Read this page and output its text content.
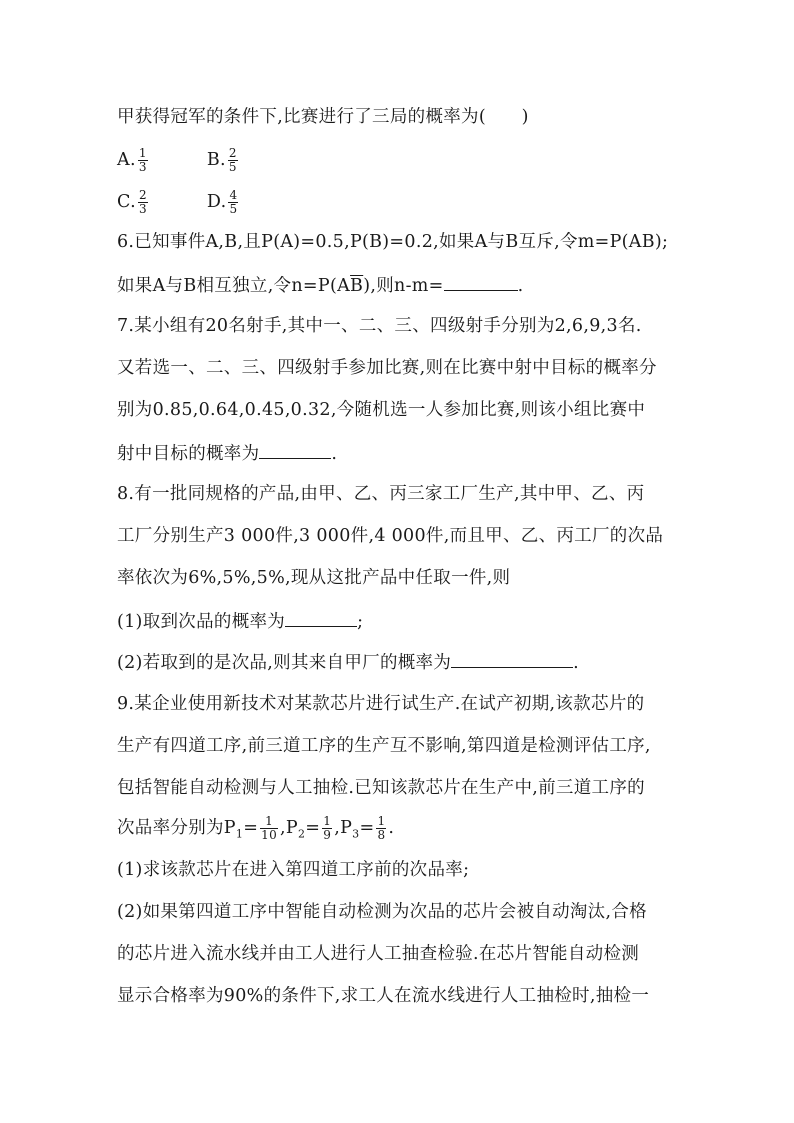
甲获得冠军的条件下,比赛进行了三局的概率为(　　)
A. $\frac{1}{3}$	B. $\frac{2}{5}$
C. $\frac{2}{3}$	D. $\frac{4}{5}$
6.已知事件A,B,且P(A)=0.5,P(B)=0.2,如果A与B互斥,令m=P(AB);
如果A与B相互独立,令$n=P(A\overline{B})$,则n-m=	.
7.某小组有20名射手,其中一、二、三、四级射手分别为2,6,9,3名.
又若选一、二、三、四级射手参加比赛,则在比赛中射中目标的概率分
别为0.85,0.64,0.45,0.32,今随机选一人参加比赛,则该小组比赛中
射中目标的概率为	.
8.有一批同规格的产品,由甲、乙、丙三家工厂生产,其中甲、乙、丙
工厂分别生产3 000件,3 000件,4 000件,而且甲、乙、丙工厂的次品
率依次为6%,5%,5%,现从这批产品中任取一件,则
(1)取到次品的概率为	;
(2)若取到的是次品,则其来自甲厂的概率为	.
9.某企业使用新技术对某款芯片进行试生产.在试产初期,该款芯片的
生产有四道工序,前三道工序的生产互不影响,第四道是检测评估工序,
包括智能自动检测与人工抽检.已知该款芯片在生产中,前三道工序的
次品率分别为$P_1= \frac{1}{10} ,P_2= \frac{1}{9} ,P_3= \frac{1}{8}$ .
(1)求该款芯片在进入第四道工序前的次品率;
(2)如果第四道工序中智能自动检测为次品的芯片会被自动淘汰,合格
的芯片进入流水线并由工人进行人工抽查检验.在芯片智能自动检测
显示合格率为90%的条件下,求工人在流水线进行人工抽检时,抽检一
